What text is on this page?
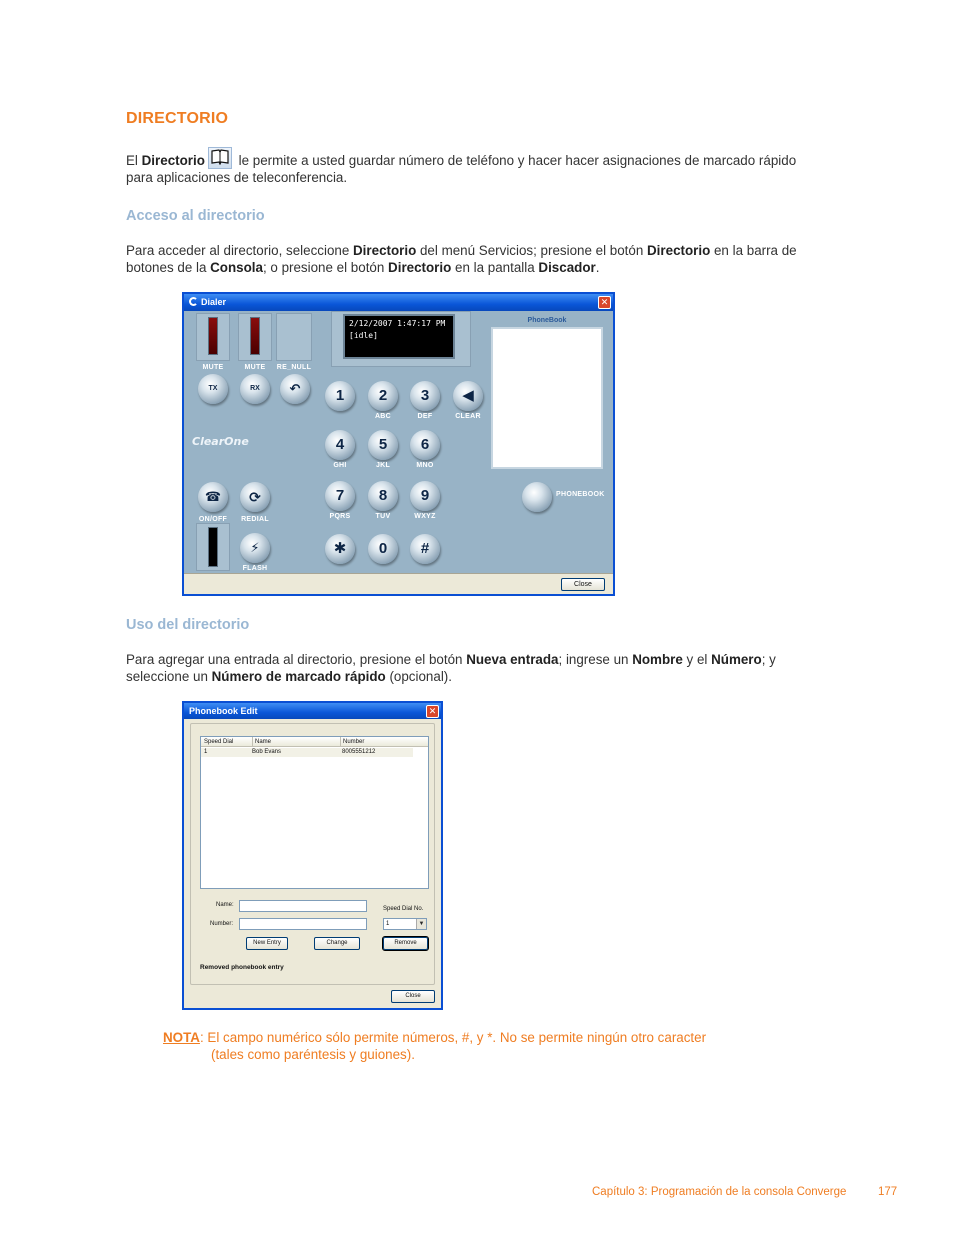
DIRECTORIO
El Directorio
le permite a usted guardar número de teléfono y hacer hacer asignaciones de marcado rápido para aplicaciones de teleconferencia.
Acceso al directorio
Para acceder al directorio, seleccione Directorio del menú Servicios; presione el botón Directorio en la barra de botones de la Consola; o presione el botón Directorio en la pantalla Discador.
Dialer	✕
MUTE	MUTE	RE_NULL
TX	RX	↶
ClearOne
☎	⟳
ON/OFF	REDIAL
⚡
FLASH
2/12/2007 1:47:17 PM
[idle]
1	2
ABC
3
DEF
◀
CLEAR
4
GHI
5
JKL
6
MNO
7
PQRS
8
TUV
9
WXYZ
✱	0	#
PhoneBook
PHONEBOOK
Close
Uso del directorio
Para agregar una entrada al directorio, presione el botón Nueva entrada; ingrese un Nombre y el Número; y seleccione un Número de marcado rápido (opcional).
Phonebook Edit	✕
Speed Dial	Name	Number
1	Bob Evans	8005551212
Name:
Number:
Speed Dial No.
1	▼
New Entry	Change	Remove
Removed phonebook entry
Close
NOTA: El campo numérico sólo permite números, #, y *. No se permite ningún otro caracter
(tales como paréntesis y guiones).
Capítulo 3: Programación de la consola Converge	177
